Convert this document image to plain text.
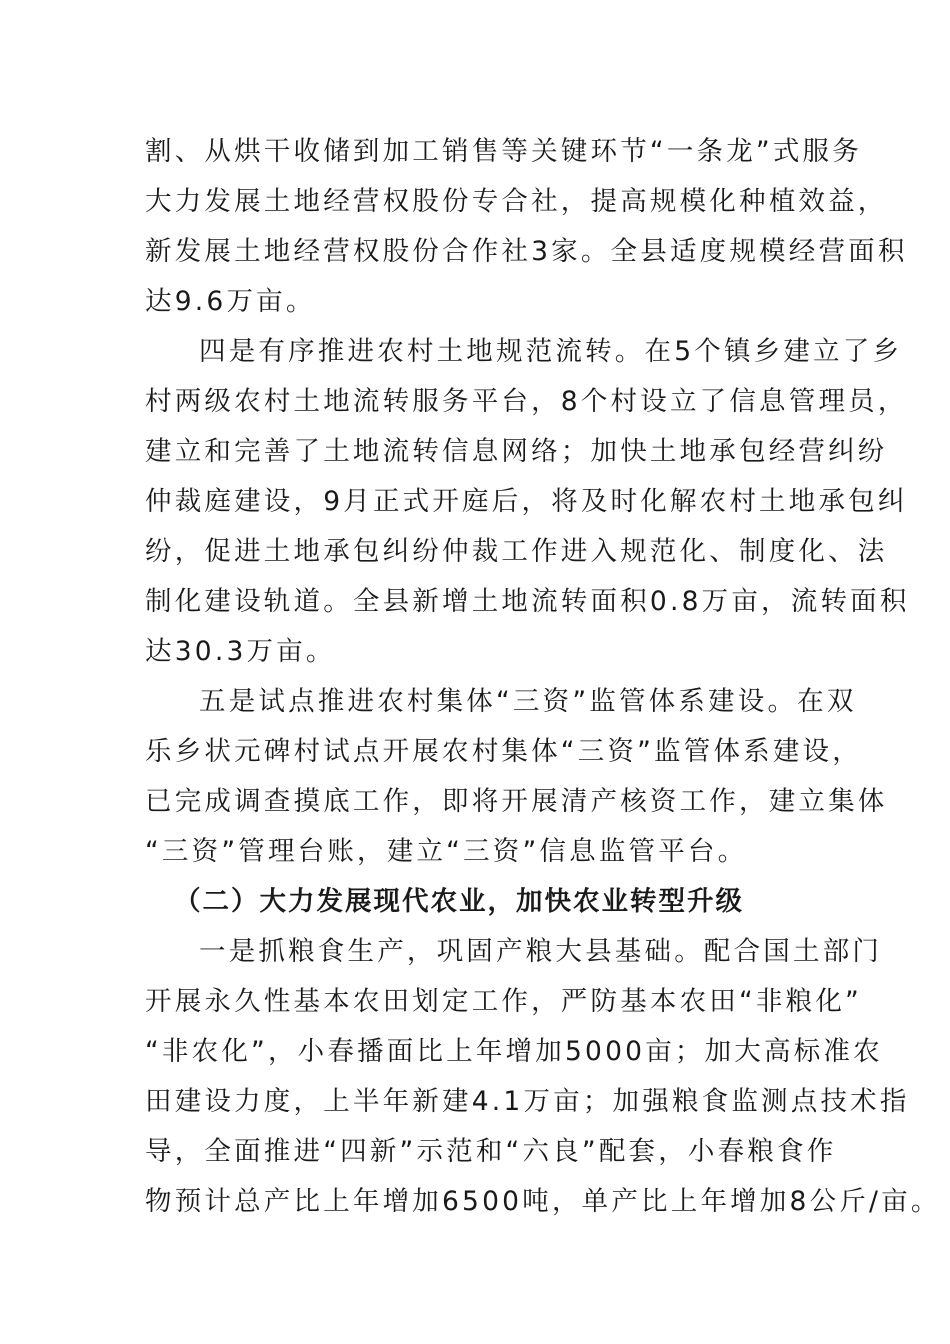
割、从烘干收储到加工销售等关键环节“一条龙”式服务
大力发展土地经营权股份专合社，提高规模化种植效益，
新发展土地经营权股份合作社3家。全县适度规模经营面积
达9.6万亩。
四是有序推进农村土地规范流转。在5个镇乡建立了乡
村两级农村土地流转服务平台，8个村设立了信息管理员，
建立和完善了土地流转信息网络；加快土地承包经营纠纷
仲裁庭建设，9月正式开庭后，将及时化解农村土地承包纠
纷，促进土地承包纠纷仲裁工作进入规范化、制度化、法
制化建设轨道。全县新增土地流转面积0.8万亩，流转面积
达30.3万亩。
五是试点推进农村集体“三资”监管体系建设。在双
乐乡状元碑村试点开展农村集体“三资”监管体系建设，
已完成调查摸底工作，即将开展清产核资工作，建立集体
“三资”管理台账，建立“三资”信息监管平台。
（二）大力发展现代农业，加快农业转型升级
一是抓粮食生产，巩固产粮大县基础。配合国土部门
开展永久性基本农田划定工作，严防基本农田“非粮化”
“非农化”，小春播面比上年增加5000亩；加大高标准农
田建设力度，上半年新建4.1万亩；加强粮食监测点技术指
导，全面推进“四新”示范和“六良”配套，小春粮食作
物预计总产比上年增加6500吨，单产比上年增加8公斤/亩。
